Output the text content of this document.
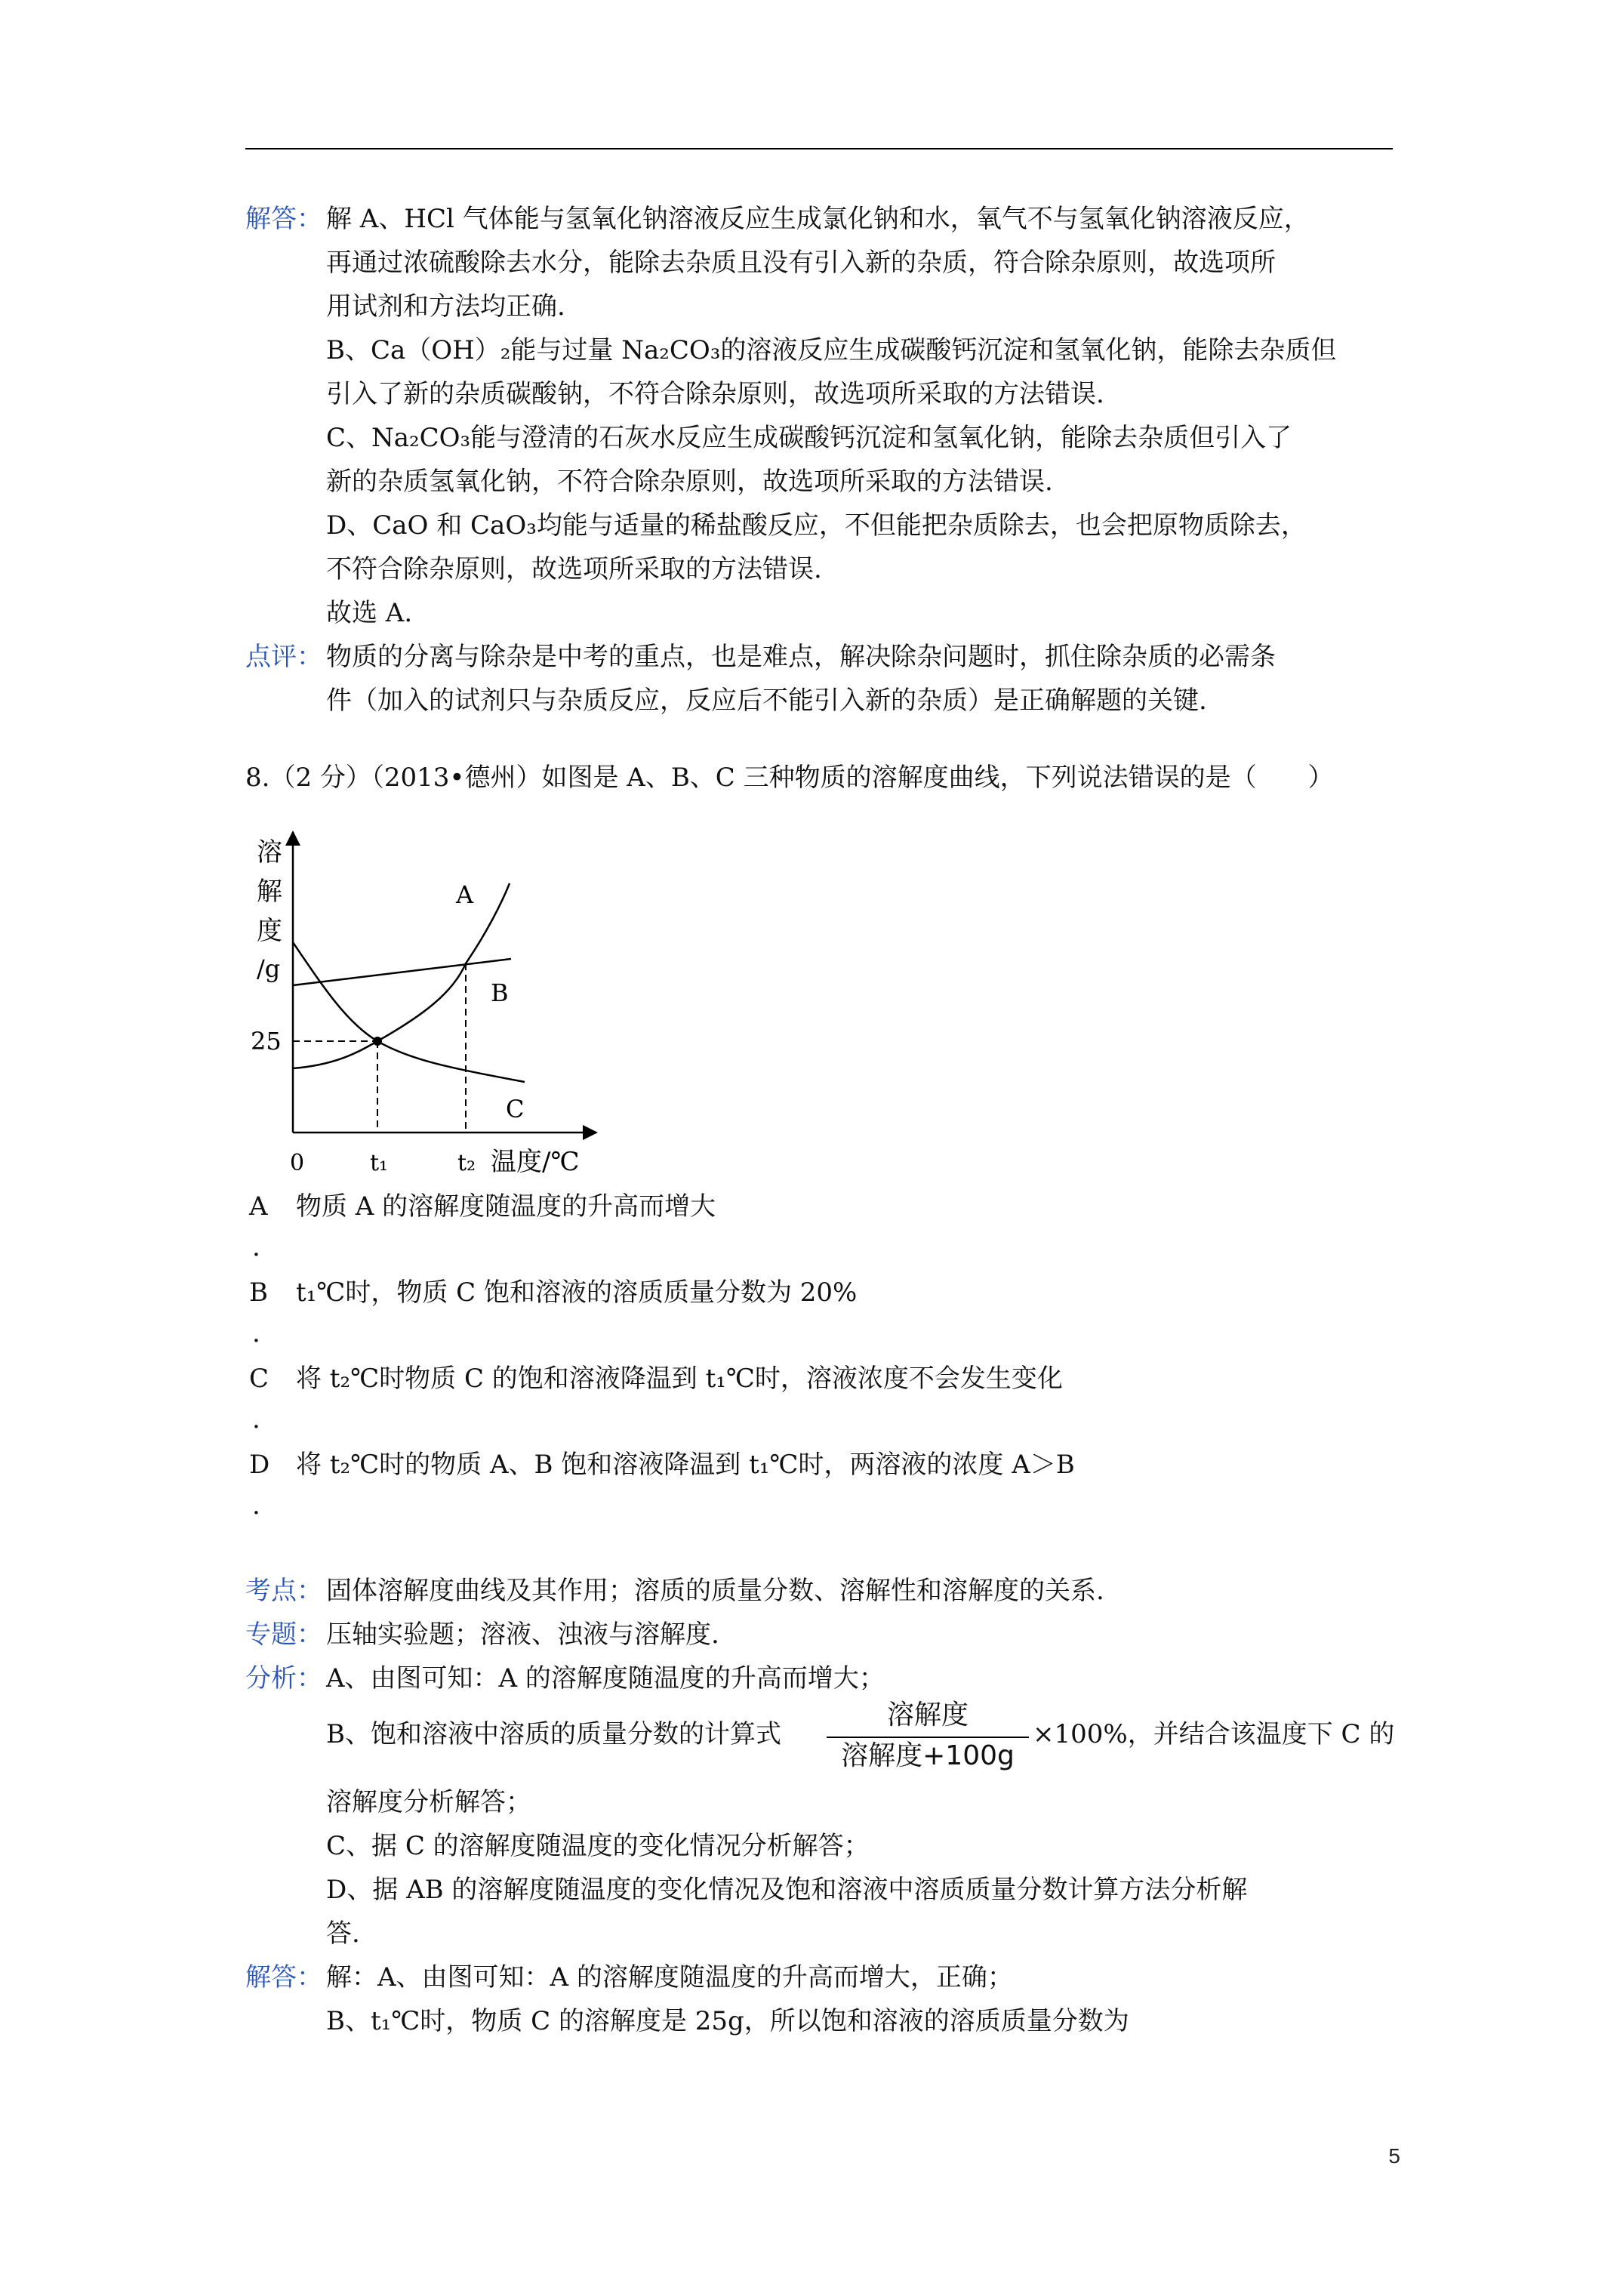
解答： 解 A、HCl 气体能与氢氧化钠溶液反应生成氯化钠和水，氧气不与氢氧化钠溶液反应，
再通过浓硫酸除去水分，能除去杂质且没有引入新的杂质，符合除杂原则，故选项所
用试剂和方法均正确.
B、Ca（OH）₂能与过量 Na₂CO₃的溶液反应生成碳酸钙沉淀和氢氧化钠，能除去杂质但
引入了新的杂质碳酸钠，不符合除杂原则，故选项所采取的方法错误.
C、Na₂CO₃能与澄清的石灰水反应生成碳酸钙沉淀和氢氧化钠，能除去杂质但引入了
新的杂质氢氧化钠，不符合除杂原则，故选项所采取的方法错误.
D、CaO 和 CaO₃均能与适量的稀盐酸反应，不但能把杂质除去，也会把原物质除去，
不符合除杂原则，故选项所采取的方法错误.
故选 A.
点评： 物质的分离与除杂是中考的重点，也是难点，解决除杂问题时，抓住除杂质的必需条
件（加入的试剂只与杂质反应，反应后不能引入新的杂质）是正确解题的关键.
8.（2 分）（2013•德州）如图是 A、B、C 三种物质的溶解度曲线，下列说法错误的是（　　）
溶
解
度
/g
25
A
B
C
0	t₁	t₂ 温度/℃
A 物质 A 的溶解度随温度的升高而增大
.
B t₁℃时，物质 C 饱和溶液的溶质质量分数为 20%
.
C 将 t₂℃时物质 C 的饱和溶液降温到 t₁℃时，溶液浓度不会发生变化
.
D 将 t₂℃时的物质 A、B 饱和溶液降温到 t₁℃时，两溶液的浓度 A＞B
.
考点： 固体溶解度曲线及其作用；溶质的质量分数、溶解性和溶解度的关系.
专题： 压轴实验题；溶液、浊液与溶解度.
分析： A、由图可知：A 的溶解度随温度的升高而增大；
B、饱和溶液中溶质的质量分数的计算式
溶解度
溶解度+100g
×100%，并结合该温度下 C 的
溶解度分析解答；
C、据 C 的溶解度随温度的变化情况分析解答；
D、据 AB 的溶解度随温度的变化情况及饱和溶液中溶质质量分数计算方法分析解
答.
解答： 解：A、由图可知：A 的溶解度随温度的升高而增大，正确；
B、t₁℃时，物质 C 的溶解度是 25g，所以饱和溶液的溶质质量分数为
5
